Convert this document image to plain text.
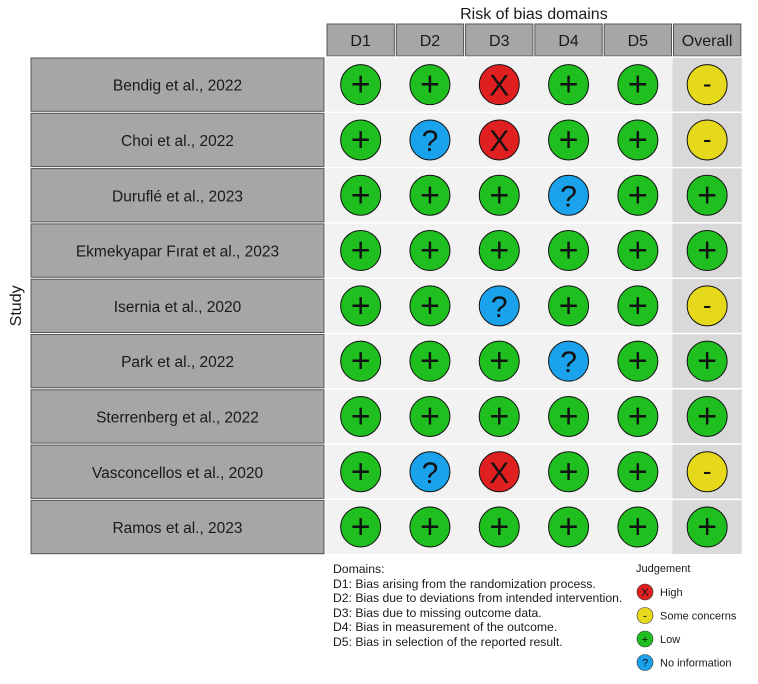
Risk of bias domains
Study
D1	D2	D3	D4	D5 Overall
Bendig et al., 2022	+ + X + + -
Choi et al., 2022	+ ? X + + -
Duruflé et al., 2023	+ + + ? + +
Ekmekyapar Fırat et al., 2023 + + + + + +
Isernia et al., 2020	+ + ? + + -
Park et al., 2022	+ + + ? + +
Sterrenberg et al., 2022	+ + + + + +
Vasconcellos et al., 2020	+ ? X + + -
Ramos et al., 2023	+ + + + + +
X High
- Some concerns
+ Low
? No information
Domains:
D1: Bias arising from the randomization process.
D2: Bias due to deviations from intended intervention.
D3: Bias due to missing outcome data.
D4: Bias in measurement of the outcome.
D5: Bias in selection of the reported result.
Judgement
